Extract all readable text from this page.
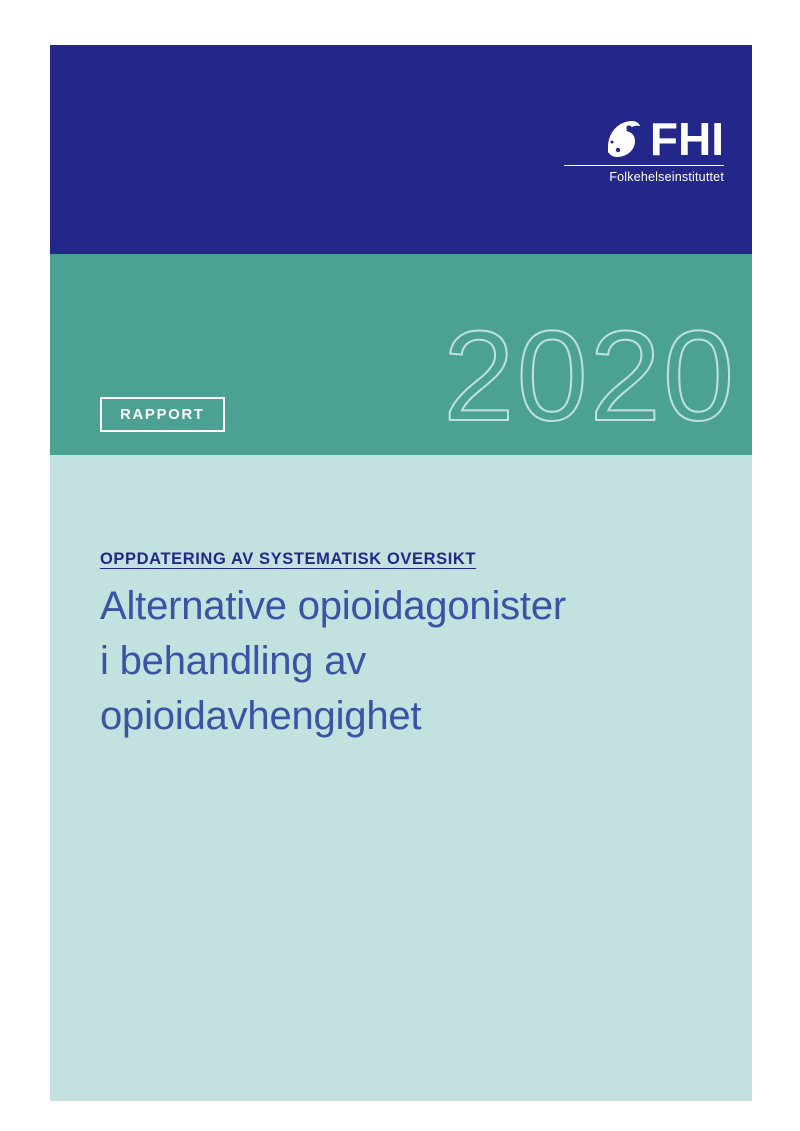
FHI
Folkehelseinstituttet
2020
RAPPORT
OPPDATERING AV SYSTEMATISK OVERSIKT
Alternative opioidagonister
i behandling av
opioidavhengighet
